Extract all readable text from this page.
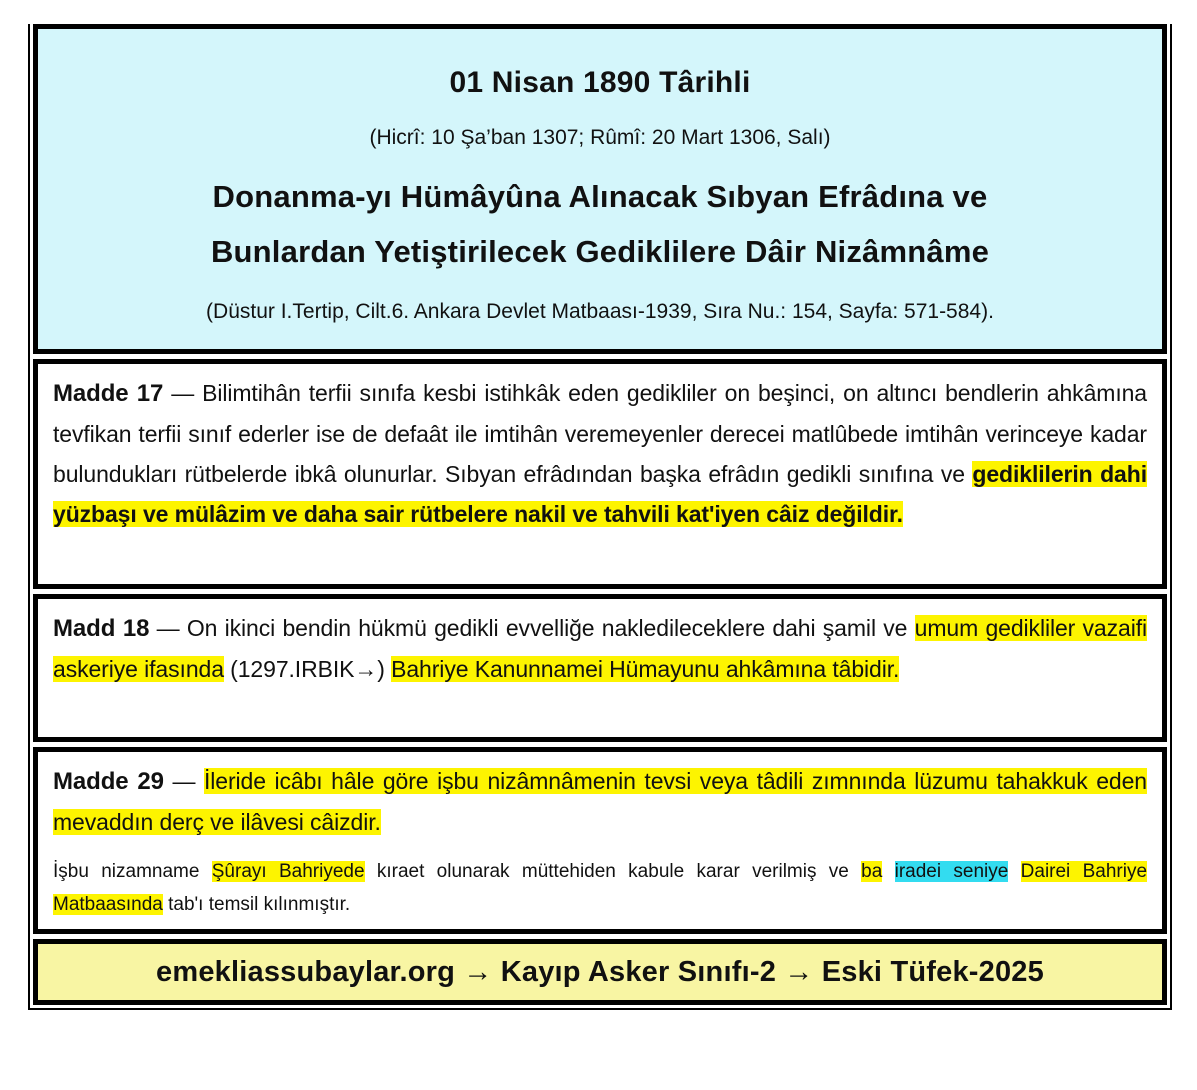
01 Nisan 1890 Târihli
(Hicrî: 10 Şa’ban 1307; Rûmî: 20 Mart 1306, Salı)
Donanma-yı Hümâyûna Alınacak Sıbyan Efrâdına ve
Bunlardan Yetiştirilecek Gediklilere Dâir Nizâmnâme
(Düstur I.Tertip, Cilt.6. Ankara Devlet Matbaası-1939, Sıra Nu.: 154, Sayfa: 571-584).

Madde 17 — Bilimtihân terfii sınıfa kesbi istihkâk eden gedikliler on beşinci, on altıncı bendlerin ahkâmına tevfikan terfii sınıf ederler ise de defaât ile imtihân veremeyenler derecei matlûbede imtihân verinceye kadar bulundukları rütbelerde ibkâ olunurlar. Sıbyan efrâdından başka efrâdın gedikli sınıfına ve gediklilerin dahi yüzbaşı ve mülâzim ve daha sair rütbelere nakil ve tahvili kat'iyen câiz değildir.

Madd 18 — On ikinci bendin hükmü gedikli evvelliğe nakledileceklere dahi şamil ve umum gedikliler vazaifi askeriye ifasında (1297.IRBIK→) Bahriye Kanunnamei Hümayunu ahkâmına tâbidir.

Madde 29 — İleride icâbı hâle göre işbu nizâmnâmenin tevsi veya tâdili zımnında lüzumu tahakkuk eden mevaddın derç ve ilâvesi câizdir.

İşbu nizamname Şûrayı Bahriyede kıraet olunarak müttehiden kabule karar verilmiş ve ba iradei seniye Dairei Bahriye Matbaasında tab'ı temsil kılınmıştır.

emekliassubaylar.org → Kayıp Asker Sınıfı-2 → Eski Tüfek-2025
